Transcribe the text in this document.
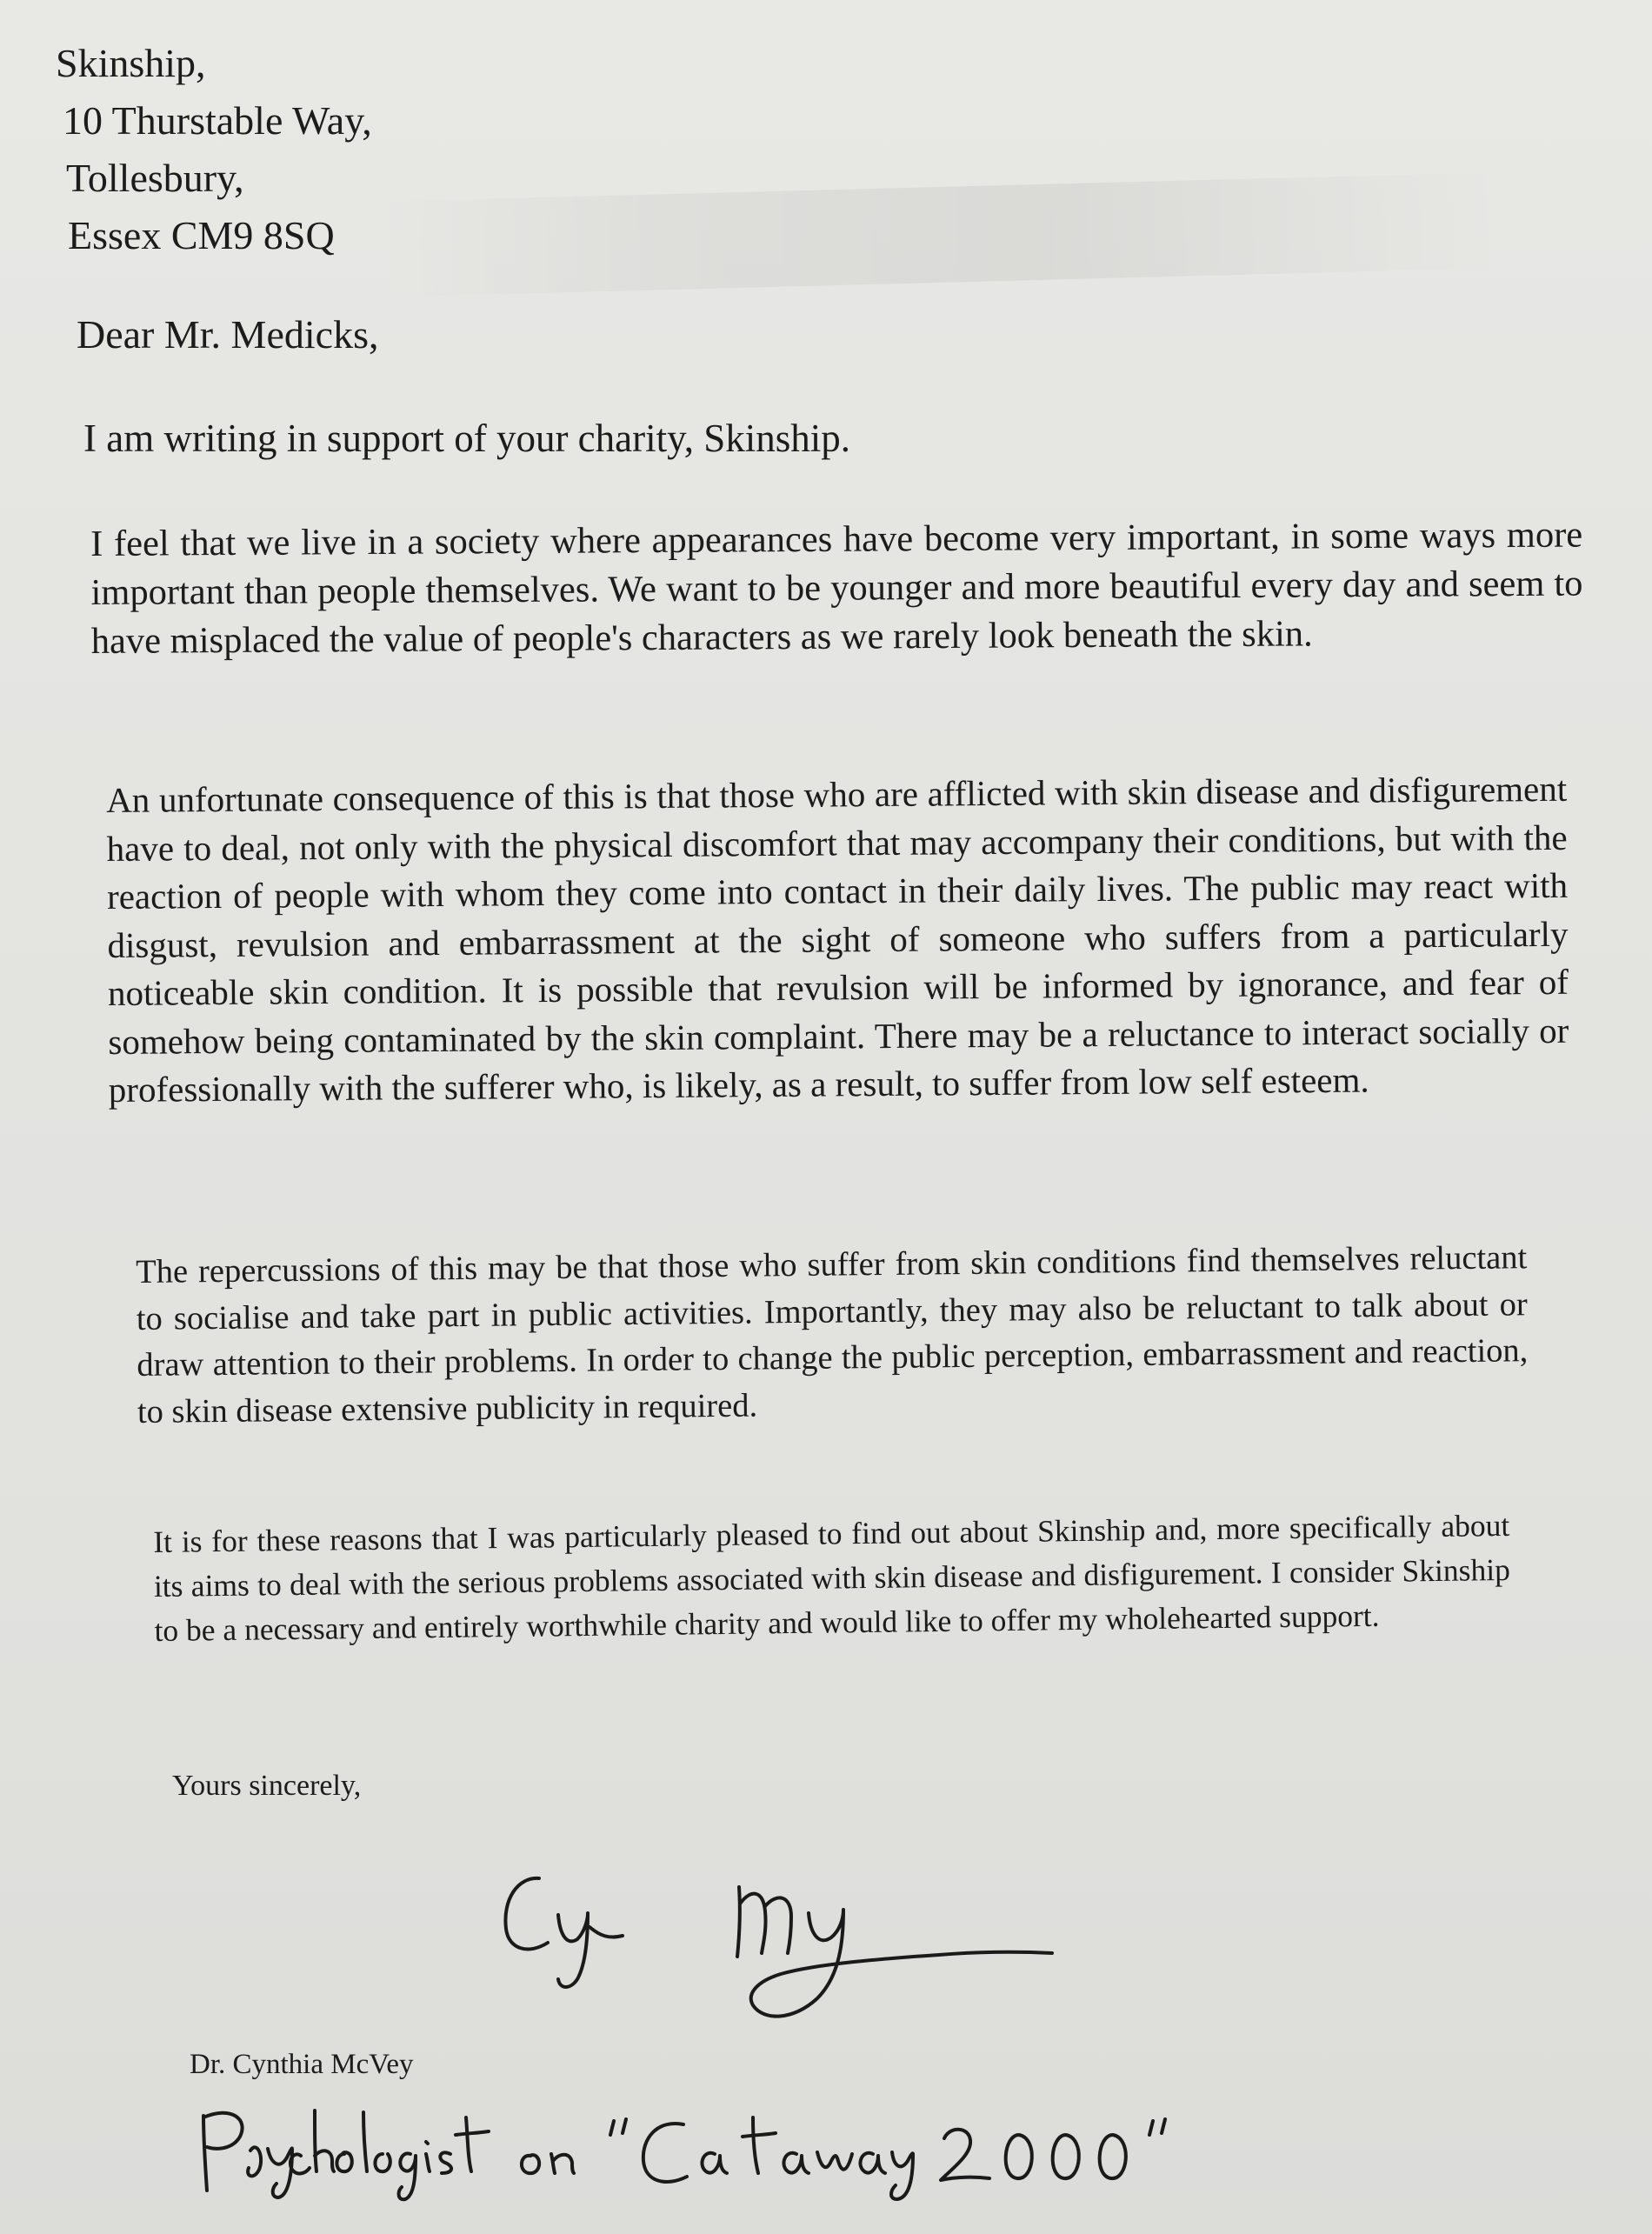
Skinship,
10 Thurstable Way,
Tollesbury,
Essex CM9 8SQ
Dear Mr. Medicks,
I am writing in support of your charity, Skinship.

I feel that we live in a society where appearances have become very important, in some ways more important than people themselves. We want to be younger and more beautiful every day and seem to have misplaced the value of people's characters as we rarely look beneath the skin.

An unfortunate consequence of this is that those who are afflicted with skin disease and disfigurement have to deal, not only with the physical discomfort that may accompany their conditions, but with the reaction of people with whom they come into contact in their daily lives. The public may react with disgust, revulsion and embarrassment at the sight of someone who suffers from a particularly noticeable skin condition. It is possible that revulsion will be informed by ignorance, and fear of somehow being contaminated by the skin complaint. There may be a reluctance to interact socially or professionally with the sufferer who, is likely, as a result, to suffer from low self esteem.

The repercussions of this may be that those who suffer from skin conditions find themselves reluctant to socialise and take part in public activities. Importantly, they may also be reluctant to talk about or draw attention to their problems. In order to change the public perception, embarrassment and reaction, to skin disease extensive publicity in required.

It is for these reasons that I was particularly pleased to find out about Skinship and, more specifically about its aims to deal with the serious problems associated with skin disease and disfigurement. I consider Skinship to be a necessary and entirely worthwhile charity and would like to offer my wholehearted support.

Yours sincerely,
Dr. Cynthia McVey
